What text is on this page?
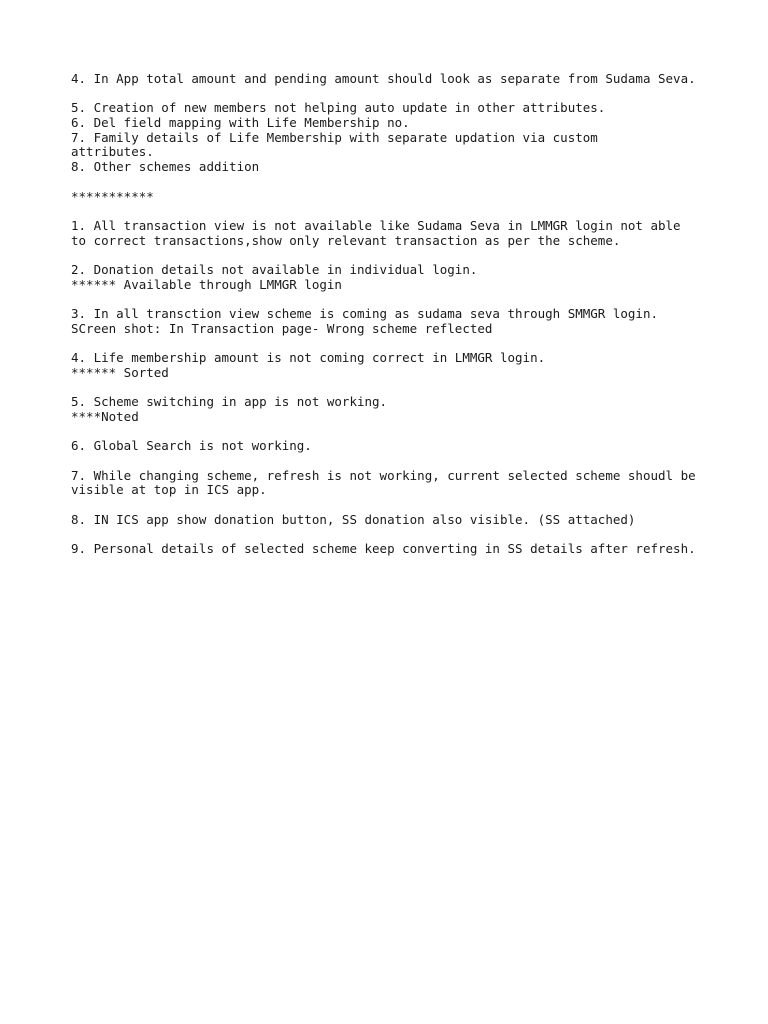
4. In App total amount and pending amount should look as separate from Sudama Seva.
5. Creation of new members not helping auto update in other attributes.
6. Del field mapping with Life Membership no.
7. Family details of Life Membership with separate updation via custom
attributes.
8. Other schemes addition
***********
1. All transaction view is not available like Sudama Seva in LMMGR login not able
to correct transactions,show only relevant transaction as per the scheme.
2. Donation details not available in individual login.
****** Available through LMMGR login
3. In all transction view scheme is coming as sudama seva through SMMGR login.
SCreen shot: In Transaction page- Wrong scheme reflected
4. Life membership amount is not coming correct in LMMGR login.
****** Sorted
5. Scheme switching in app is not working.
****Noted
6. Global Search is not working.
7. While changing scheme, refresh is not working, current selected scheme shoudl be
visible at top in ICS app.
8. IN ICS app show donation button, SS donation also visible. (SS attached)
9. Personal details of selected scheme keep converting in SS details after refresh.
